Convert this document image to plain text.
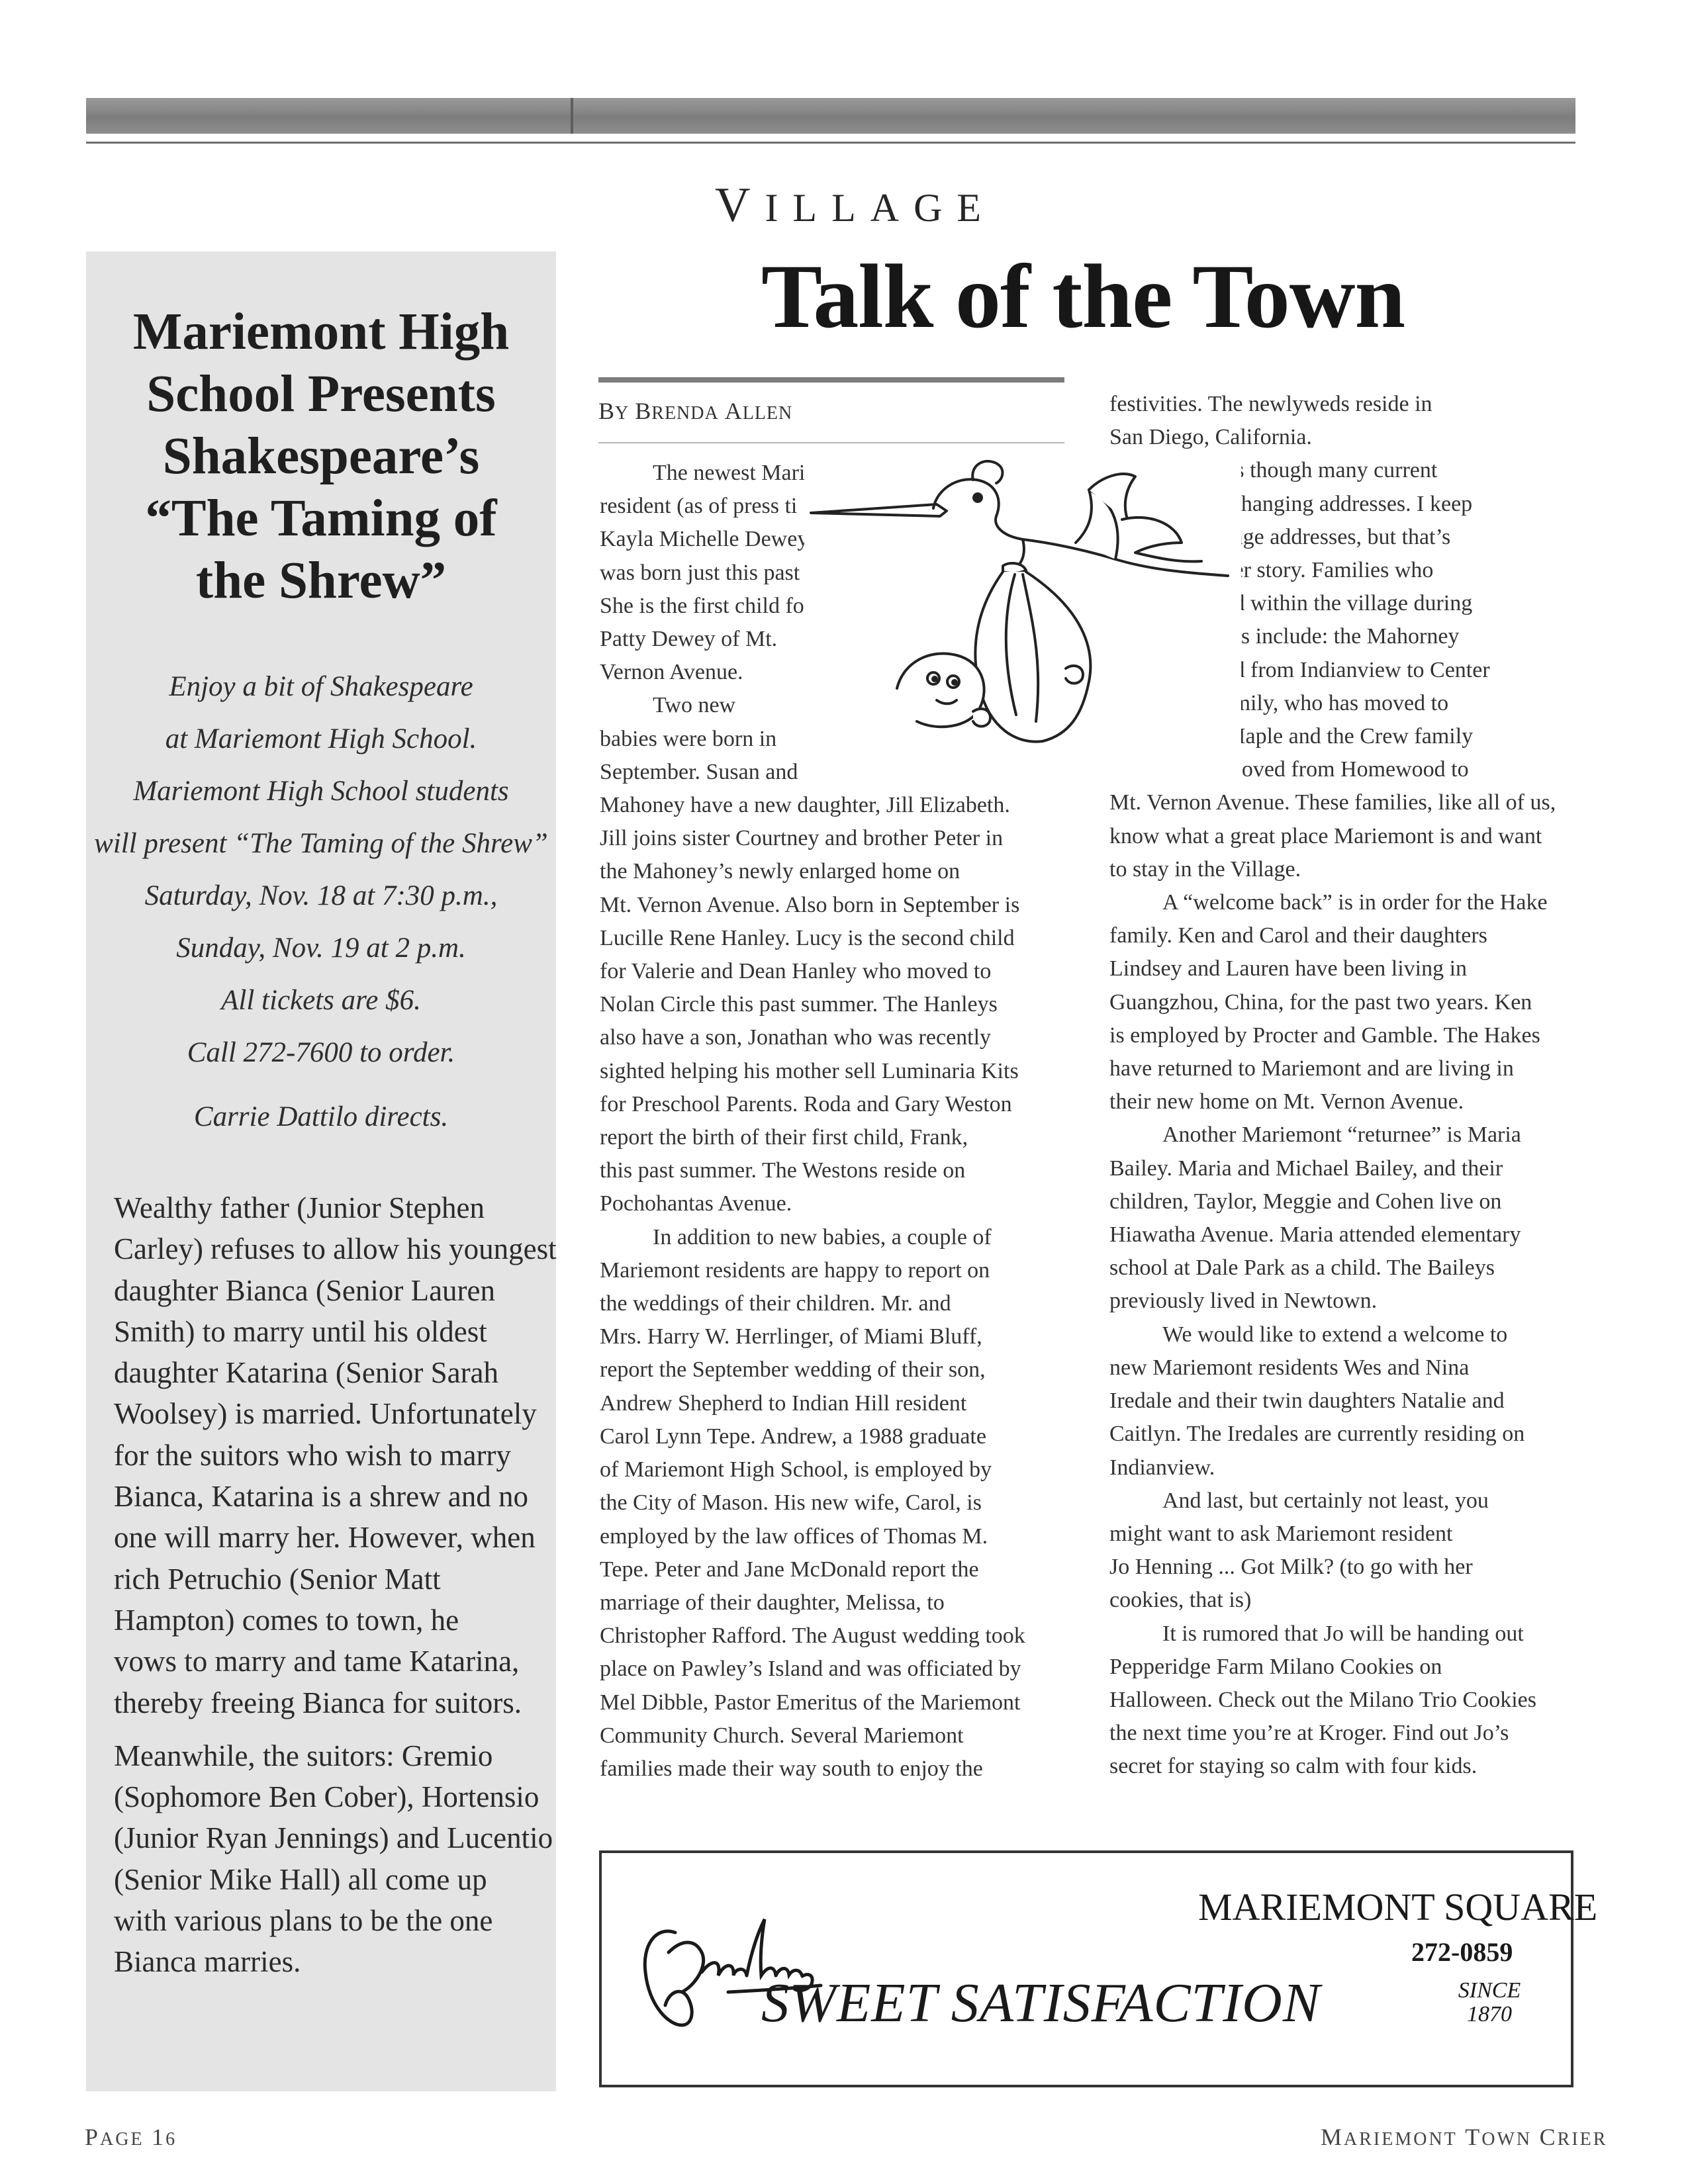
VILLAGE
Talk of the Town
Mariemont High
School Presents
Shakespeare’s
“The Taming of
the Shrew”
Enjoy a bit of Shakespeare
at Mariemont High School.
Mariemont High School students
will present “The Taming of the Shrew”
Saturday, Nov. 18 at 7:30 p.m.,
Sunday, Nov. 19 at 2 p.m.
All tickets are $6.
Call 272-7600 to order.
Carrie Dattilo directs.

Wealthy father (Junior Stephen

Carley) refuses to allow his youngest

daughter Bianca (Senior Lauren

Smith) to marry until his oldest

daughter Katarina (Senior Sarah

Woolsey) is married. Unfortunately

for the suitors who wish to marry

Bianca, Katarina is a shrew and no

one will marry her. However, when

rich Petruchio (Senior Matt

Hampton) comes to town, he

vows to marry and tame Katarina,

thereby freeing Bianca for suitors.

Meanwhile, the suitors: Gremio

(Sophomore Ben Cober), Hortensio

(Junior Ryan Jennings) and Lucentio

(Senior Mike Hall) all come up

with various plans to be the one

Bianca marries.

BY BRENDA ALLEN

The newest Mari

resident (as of press ti

Kayla Michelle Dewey.

was born just this past

She is the first child fo

Patty Dewey of Mt.

Vernon Avenue.

Two new

babies were born in

September. Susan and

Mahoney have a new daughter, Jill Elizabeth.

Jill joins sister Courtney and brother Peter in

the Mahoney’s newly enlarged home on

Mt. Vernon Avenue. Also born in September is

Lucille Rene Hanley. Lucy is the second child

for Valerie and Dean Hanley who moved to

Nolan Circle this past summer. The Hanleys

also have a son, Jonathan who was recently

sighted helping his mother sell Luminaria Kits

for Preschool Parents. Roda and Gary Weston

report the birth of their first child, Frank,

this past summer. The Westons reside on

Pochohantas Avenue.

In addition to new babies, a couple of

Mariemont residents are happy to report on

the weddings of their children. Mr. and

Mrs. Harry W. Herrlinger, of Miami Bluff,

report the September wedding of their son,

Andrew Shepherd to Indian Hill resident

Carol Lynn Tepe. Andrew, a 1988 graduate

of Mariemont High School, is employed by

the City of Mason. His new wife, Carol, is

employed by the law offices of Thomas M.

Tepe. Peter and Jane McDonald report the

marriage of their daughter, Melissa, to

Christopher Rafford. The August wedding took

place on Pawley’s Island and was officiated by

Mel Dibble, Pastor Emeritus of the Mariemont

Community Church. Several Mariemont

families made their way south to enjoy the

festivities. The newlyweds reside in

San Diego, California.

ems as though many current

s are changing addresses. I keep

o change addresses, but that’s

another story. Families who

moved within the village during

months include: the Mahorney

moved from Indianview to Center

ost family, who has moved to

rom Maple and the Crew family

ntly moved from Homewood to

Mt. Vernon Avenue. These families, like all of us,

know what a great place Mariemont is and want

to stay in the Village.

A “welcome back” is in order for the Hake

family. Ken and Carol and their daughters

Lindsey and Lauren have been living in

Guangzhou, China, for the past two years. Ken

is employed by Procter and Gamble. The Hakes

have returned to Mariemont and are living in

their new home on Mt. Vernon Avenue.

Another Mariemont “returnee” is Maria

Bailey. Maria and Michael Bailey, and their

children, Taylor, Meggie and Cohen live on

Hiawatha Avenue. Maria attended elementary

school at Dale Park as a child. The Baileys

previously lived in Newtown.

We would like to extend a welcome to

new Mariemont residents Wes and Nina

Iredale and their twin daughters Natalie and

Caitlyn. The Iredales are currently residing on

Indianview.

And last, but certainly not least, you

might want to ask Mariemont resident

Jo Henning ... Got Milk? (to go with her

cookies, that is)

It is rumored that Jo will be handing out

Pepperidge Farm Milano Cookies on

Halloween. Check out the Milano Trio Cookies

the next time you’re at Kroger. Find out Jo’s

secret for staying so calm with four kids.

MARIEMONT SQUARE
272-0859
SWEET SATISFACTION	SINCE
1870
PAGE 16	MARIEMONT TOWN CRIER
